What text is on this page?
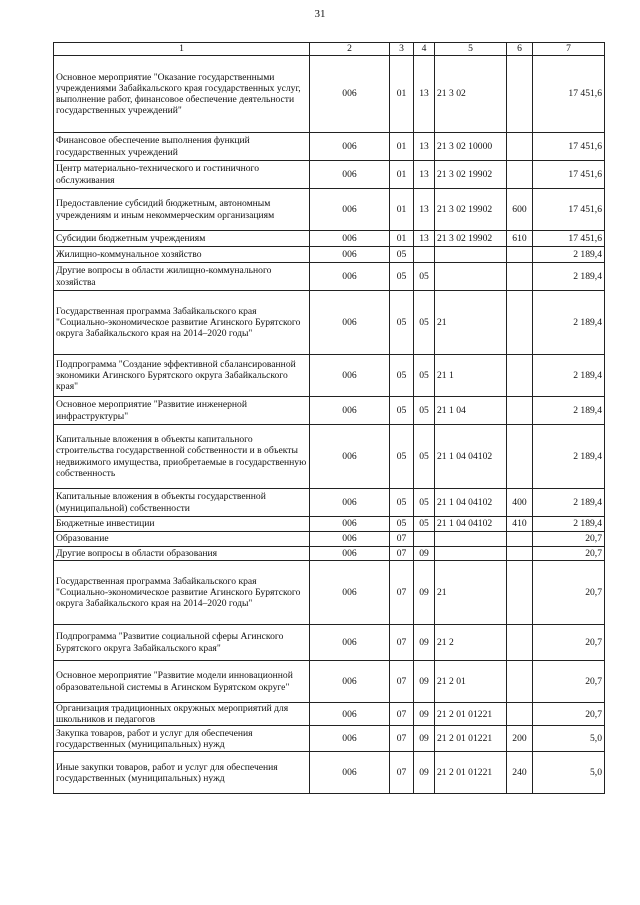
31
1	2	3	4	5	6	7
Основное мероприятие "Оказание государственными учреждениями Забайкальского края государственных услуг, выполнение работ, финансовое обеспечение деятельности государственных учреждений"	006	01	13	21 3 02		17 451,6
Финансовое обеспечение выполнения функций государственных учреждений	006	01	13	21 3 02 10000		17 451,6
Центр материально-технического и гостиничного обслуживания	006	01	13	21 3 02 19902		17 451,6
Предоставление субсидий бюджетным, автономным учреждениям и иным некоммерческим организациям	006	01	13	21 3 02 19902	600	17 451,6
Субсидии бюджетным учреждениям	006	01	13	21 3 02 19902	610	17 451,6
Жилищно-коммунальное хозяйство	006	05				2 189,4
Другие вопросы в области жилищно-коммунального хозяйства	006	05	05			2 189,4
Государственная программа Забайкальского края "Социально-экономическое развитие Агинского Бурятского округа Забайкальского края на 2014–2020 годы"	006	05	05	21		2 189,4
Подпрограмма "Создание эффективной сбалансированной экономики Агинского Бурятского округа Забайкальского края"	006	05	05	21 1		2 189,4
Основное мероприятие "Развитие инженерной инфраструктуры"	006	05	05	21 1 04		2 189,4
Капитальные вложения в объекты капитального строительства государственной собственности и в объекты недвижимого имущества, приобретаемые в государственную собственность	006	05	05	21 1 04 04102		2 189,4
Капитальные вложения в объекты государственной (муниципальной) собственности	006	05	05	21 1 04 04102	400	2 189,4
Бюджетные инвестиции	006	05	05	21 1 04 04102	410	2 189,4
Образование	006	07				20,7
Другие вопросы в области образования	006	07	09			20,7
Государственная программа Забайкальского края "Социально-экономическое развитие Агинского Бурятского округа Забайкальского края на 2014–2020 годы"	006	07	09	21		20,7
Подпрограмма "Развитие социальной сферы Агинского Бурятского округа Забайкальского края"	006	07	09	21 2		20,7
Основное мероприятие "Развитие модели инновационной образовательной системы в Агинском Бурятском округе"	006	07	09	21 2 01		20,7
Организация традиционных окружных мероприятий для школьников и педагогов	006	07	09	21 2 01 01221		20,7
Закупка товаров, работ и услуг для обеспечения государственных (муниципальных) нужд	006	07	09	21 2 01 01221	200	5,0
Иные закупки товаров, работ и услуг для обеспечения государственных (муниципальных) нужд	006	07	09	21 2 01 01221	240	5,0
